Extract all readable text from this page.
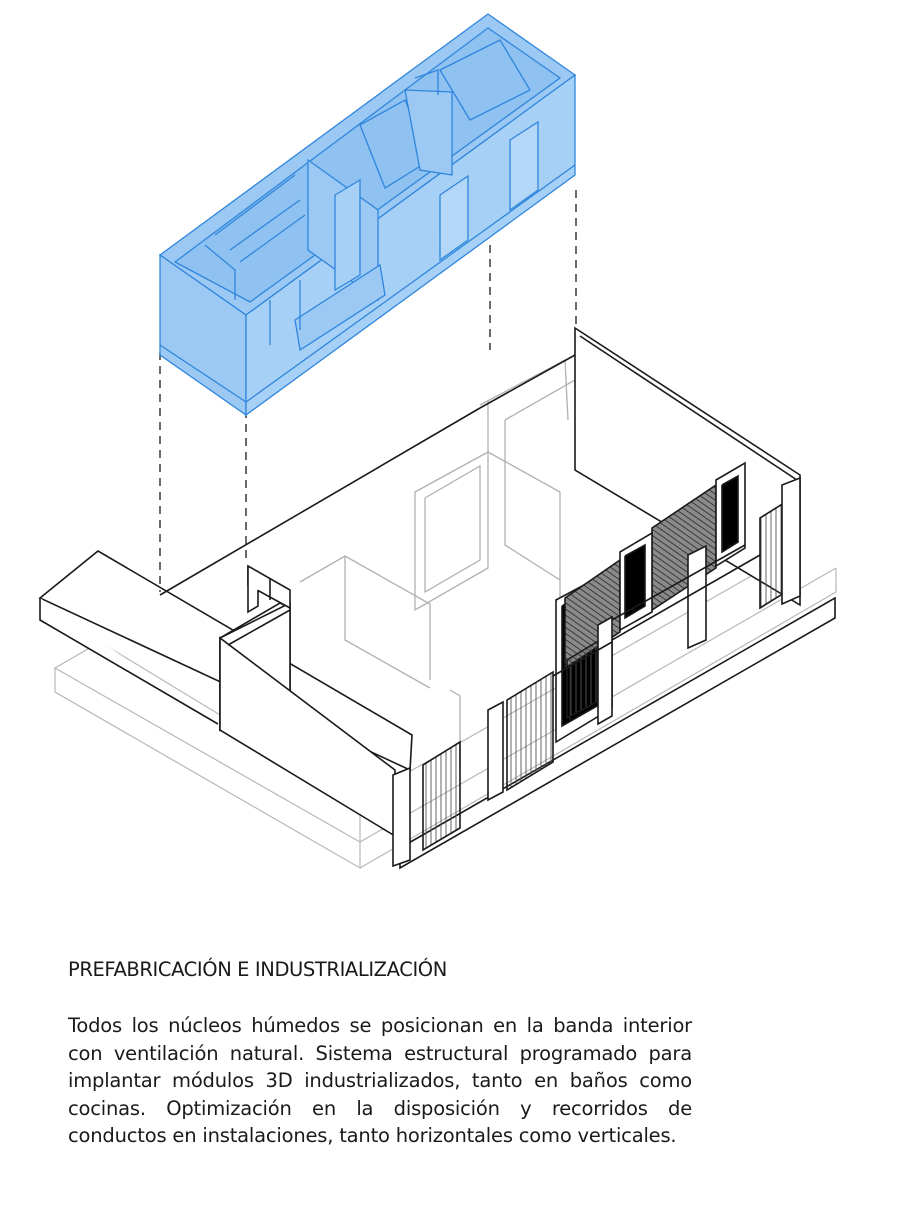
PREFABRICACIÓN E INDUSTRIALIZACIÓN
Todos los núcleos húmedos se posicionan en la banda interior con ventilación natural. Sistema estructural programado para implantar módulos 3D industrializados, tanto en baños como cocinas. Optimización en la disposición y recorridos de conductos en instalaciones, tanto horizontales como verticales.
